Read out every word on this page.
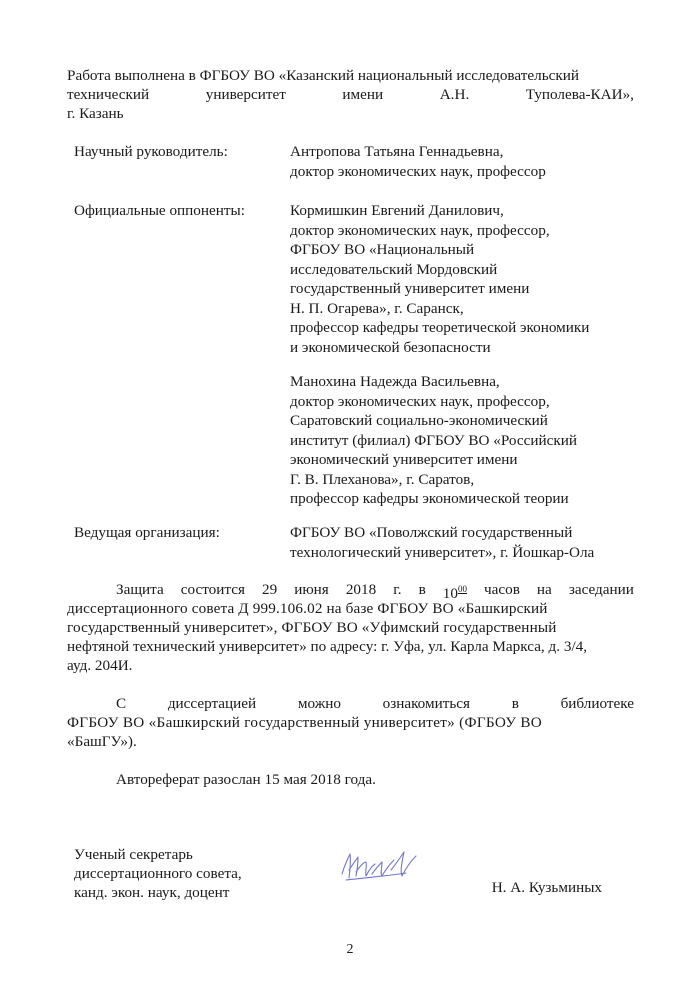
Работа выполнена в ФГБОУ ВО «Казанский национальный исследовательский
технический	университет	имени	А.Н.	Туполева-КАИ»,
г. Казань
Научный руководитель:	Антропова Татьяна Геннадьевна,
доктор экономических наук, профессор
Официальные оппоненты:	Кормишкин Евгений Данилович,
доктор экономических наук, профессор,
ФГБОУ ВО «Национальный
исследовательский Мордовский
государственный университет имени
Н. П. Огарева», г. Саранск,
профессор кафедры теоретической экономики
и экономической безопасности
Манохина Надежда Васильевна,
доктор экономических наук, профессор,
Саратовский социально-экономический
институт (филиал) ФГБОУ ВО «Российский
экономический университет имени
Г. В. Плеханова», г. Саратов,
профессор кафедры экономической теории
Ведущая организация:	ФГБОУ ВО «Поволжский государственный
технологический университет», г. Йошкар-Ола
Защита состоится 29 июня 2018 г. в $10^{00}$ часов на заседании
диссертационного совета Д 999.106.02 на базе ФГБОУ ВО «Башкирский
государственный университет», ФГБОУ ВО «Уфимский государственный
нефтяной технический университет» по адресу: г. Уфа, ул. Карла Маркса, д. 3/4,
ауд. 204И.
С	диссертацией	можно	ознакомиться	в	библиотеке
ФГБОУ ВО «Башкирский государственный университет» (ФГБОУ ВО
«БашГУ»).
Автореферат разослан 15 мая 2018 года.
Ученый секретарь
диссертационного совета,
канд. экон. наук, доцент	Н. А. Кузьминых
2
